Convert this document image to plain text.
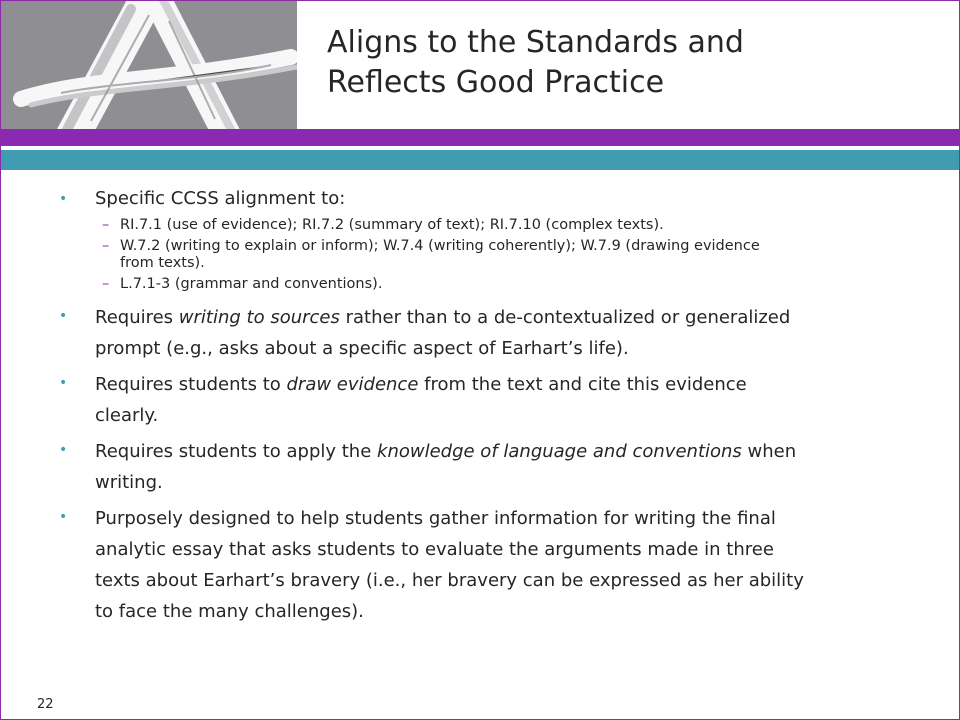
Aligns to the Standards and
Reflects Good Practice
• Specific CCSS alignment to:
– RI.7.1 (use of evidence); RI.7.2 (summary of text); RI.7.10 (complex texts).
– W.7.2 (writing to explain or inform); W.7.4 (writing coherently); W.7.9 (drawing evidence
from texts).
– L.7.1-3 (grammar and conventions).
• Requires writing to sources rather than to a de-contextualized or generalized
prompt (e.g., asks about a specific aspect of Earhart’s life).
• Requires students to draw evidence from the text and cite this evidence
clearly.
• Requires students to apply the knowledge of language and conventions when
writing.
• Purposely designed to help students gather information for writing the final
analytic essay that asks students to evaluate the arguments made in three
texts about Earhart’s bravery (i.e., her bravery can be expressed as her ability
to face the many challenges).
22
